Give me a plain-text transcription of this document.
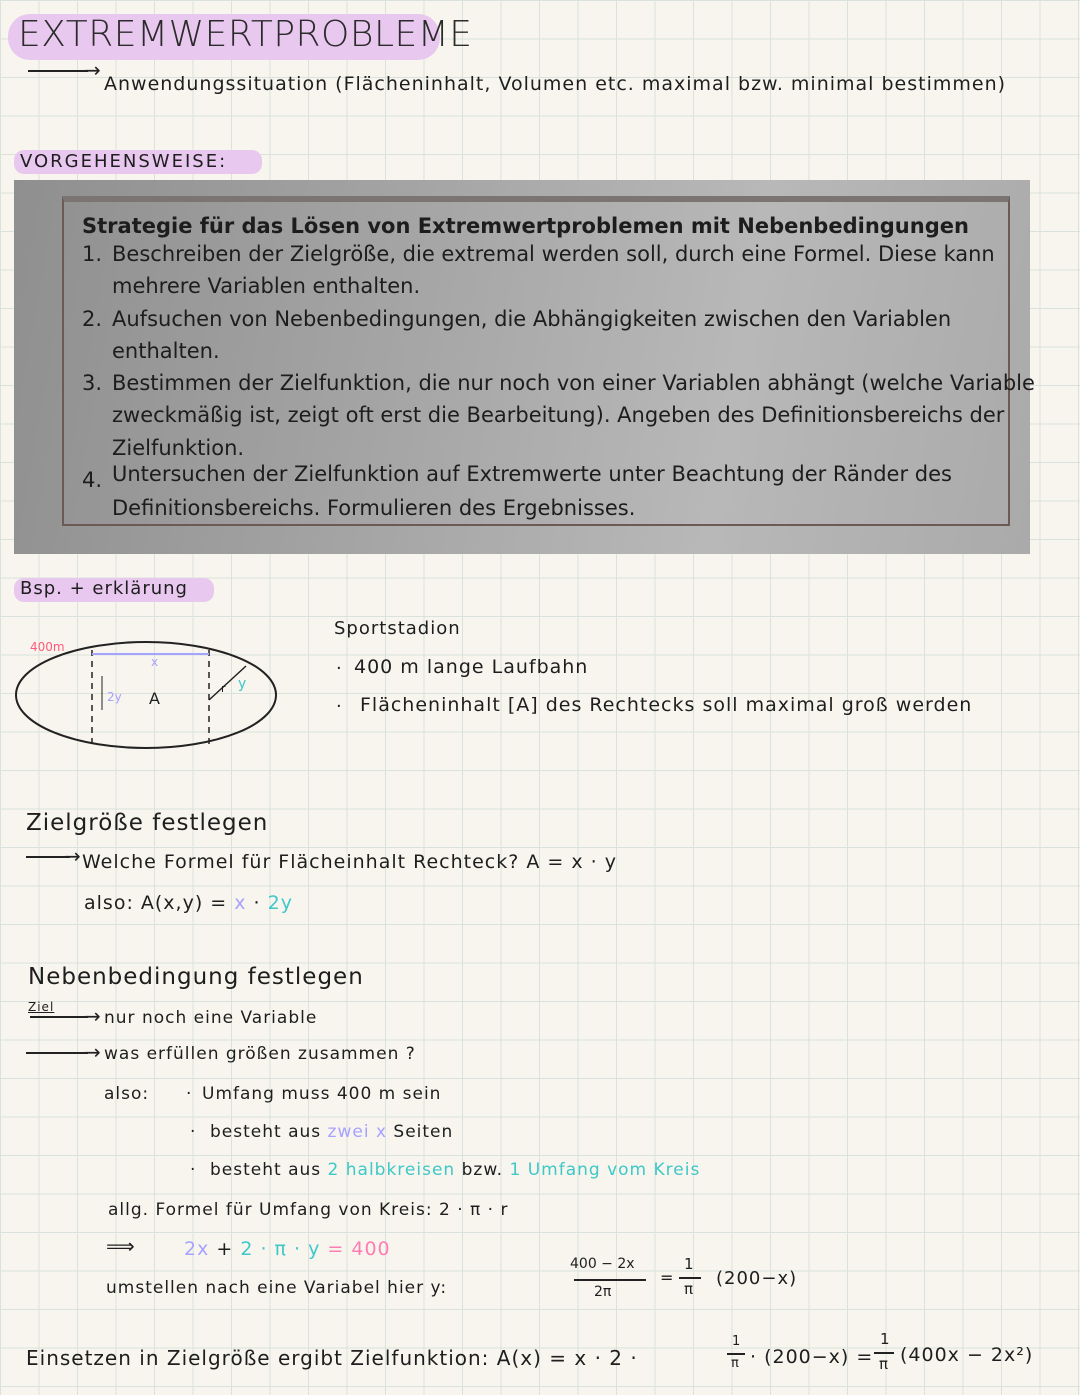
EXTREMWERTPROBLEME
→
Anwendungssituation (Flächeninhalt, Volumen etc. maximal bzw. minimal bestimmen)
VORGEHENSWEISE:
Strategie für das Lösen von Extremwertproblemen mit Nebenbedingungen
1. Beschreiben der Zielgröße, die extremal werden soll, durch eine Formel. Diese kann
mehrere Variablen enthalten.
2. Aufsuchen von Nebenbedingungen, die Abhängigkeiten zwischen den Variablen
enthalten.
3. Bestimmen der Zielfunktion, die nur noch von einer Variablen abhängt (welche Variable
zweckmäßig ist, zeigt oft erst die Bearbeitung). Angeben des Definitionsbereichs der
Zielfunktion.
4. Untersuchen der Zielfunktion auf Extremwerte unter Beachtung der Ränder des
Definitionsbereichs. Formulieren des Ergebnisses.
Bsp. + erklärung
400m
x
2y A
r y
Sportstadion
· 400 m lange Laufbahn
· Flächeninhalt [A] des Rechtecks soll maximal groß werden
Zielgröße festlegen
→ Welche Formel für Flächeinhalt Rechteck? A = x · y
also: A(x,y) = x · 2y
Nebenbedingung festlegen
Ziel → nur noch eine Variable
→ was erfüllen größen zusammen ?
also: · Umfang muss 400 m sein
· besteht aus zwei x Seiten
· besteht aus 2 halbkreisen bzw. 1 Umfang vom Kreis
allg. Formel für Umfang von Kreis: 2 · π · r
⟹	2x + 2 · π · y = 400
umstellen nach eine Variabel hier y:
400 − 2x
2π
=
1
π (200−x)
Einsetzen in Zielgröße ergibt Zielfunktion: A(x) = x · 2 ·
1
π · (200−x) =
1
π (400x − 2x²)
